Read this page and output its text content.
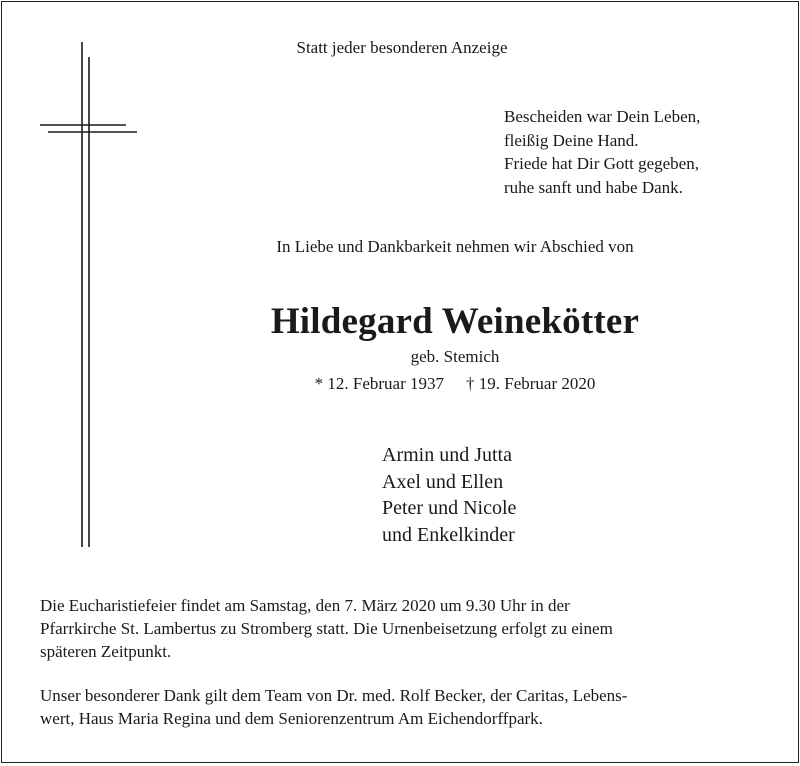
Statt jeder besonderen Anzeige
Bescheiden war Dein Leben,
fleißig Deine Hand.
Friede hat Dir Gott gegeben,
ruhe sanft und habe Dank.
In Liebe und Dankbarkeit nehmen wir Abschied von
Hildegard Weinekötter
geb. Stemich
* 12. Februar 1937 † 19. Februar 2020
Armin und Jutta
Axel und Ellen
Peter und Nicole
und Enkelkinder
Die Eucharistiefeier findet am Samstag, den 7. März 2020 um 9.30 Uhr in der
Pfarrkirche St. Lambertus zu Stromberg statt. Die Urnenbeisetzung erfolgt zu einem
späteren Zeitpunkt.
Unser besonderer Dank gilt dem Team von Dr. med. Rolf Becker, der Caritas, Lebens-
wert, Haus Maria Regina und dem Seniorenzentrum Am Eichendorffpark.
